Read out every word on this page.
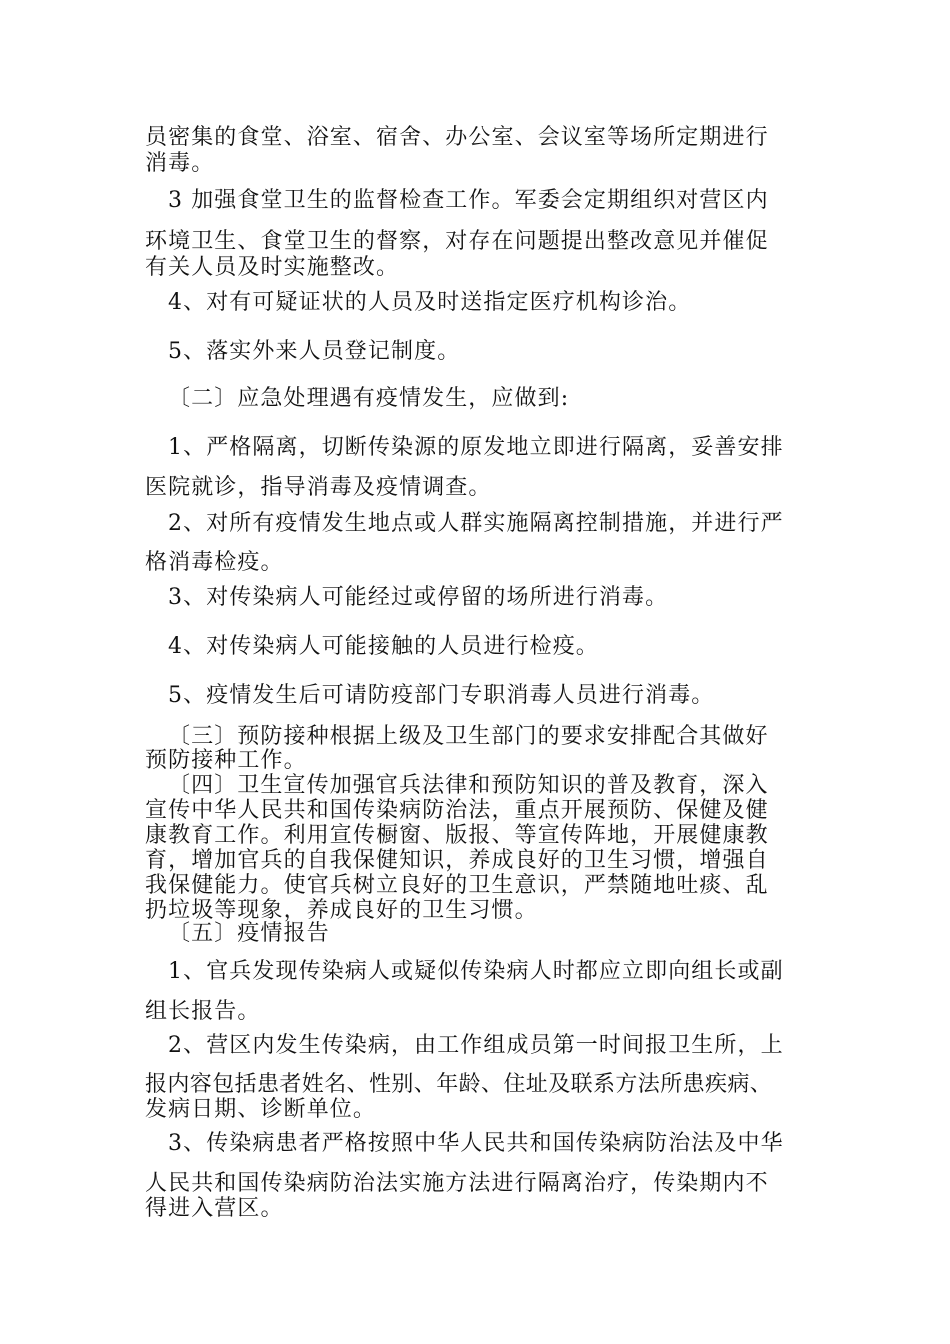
员密集的食堂、浴室、宿舍、办公室、会议室等场所定期进行
消毒。
3 加强食堂卫生的监督检查工作。军委会定期组织对营区内
环境卫生、食堂卫生的督察，对存在问题提出整改意见并催促
有关人员及时实施整改。
4、对有可疑证状的人员及时送指定医疗机构诊治。
5、落实外来人员登记制度。
〔二〕应急处理遇有疫情发生，应做到:
1、严格隔离，切断传染源的原发地立即进行隔离，妥善安排
医院就诊，指导消毒及疫情调查。
2、对所有疫情发生地点或人群实施隔离控制措施，并进行严
格消毒检疫。
3、对传染病人可能经过或停留的场所进行消毒。
4、对传染病人可能接触的人员进行检疫。
5、疫情发生后可请防疫部门专职消毒人员进行消毒。
〔三〕预防接种根据上级及卫生部门的要求安排配合其做好
预防接种工作。
〔四〕卫生宣传加强官兵法律和预防知识的普及教育，深入
宣传中华人民共和国传染病防治法，重点开展预防、保健及健
康教育工作。利用宣传橱窗、版报、等宣传阵地，开展健康教
育，增加官兵的自我保健知识，养成良好的卫生习惯，增强自
我保健能力。使官兵树立良好的卫生意识，严禁随地吐痰、乱
扔垃圾等现象，养成良好的卫生习惯。
〔五〕疫情报告
1、官兵发现传染病人或疑似传染病人时都应立即向组长或副
组长报告。
2、营区内发生传染病，由工作组成员第一时间报卫生所，上
报内容包括患者姓名、性别、年龄、住址及联系方法所患疾病、
发病日期、诊断单位。
3、传染病患者严格按照中华人民共和国传染病防治法及中华
人民共和国传染病防治法实施方法进行隔离治疗，传染期内不
得进入营区。
